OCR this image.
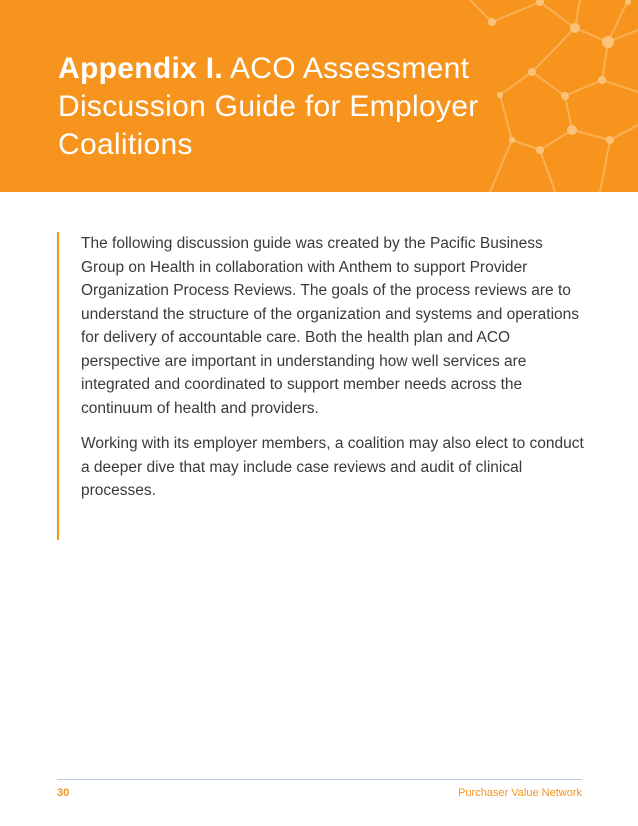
Appendix I. ACO Assessment Discussion Guide for Employer Coalitions

The following discussion guide was created by the Pacific Business Group on Health in collaboration with Anthem to support Provider Organization Process Reviews. The goals of the process reviews are to understand the structure of the organization and systems and operations for delivery of accountable care. Both the health plan and ACO perspective are important in understanding how well services are integrated and coordinated to support member needs across the continuum of health and providers.

Working with its employer members, a coalition may also elect to conduct a deeper dive that may include case reviews and audit of clinical processes.

30	Purchaser Value Network
